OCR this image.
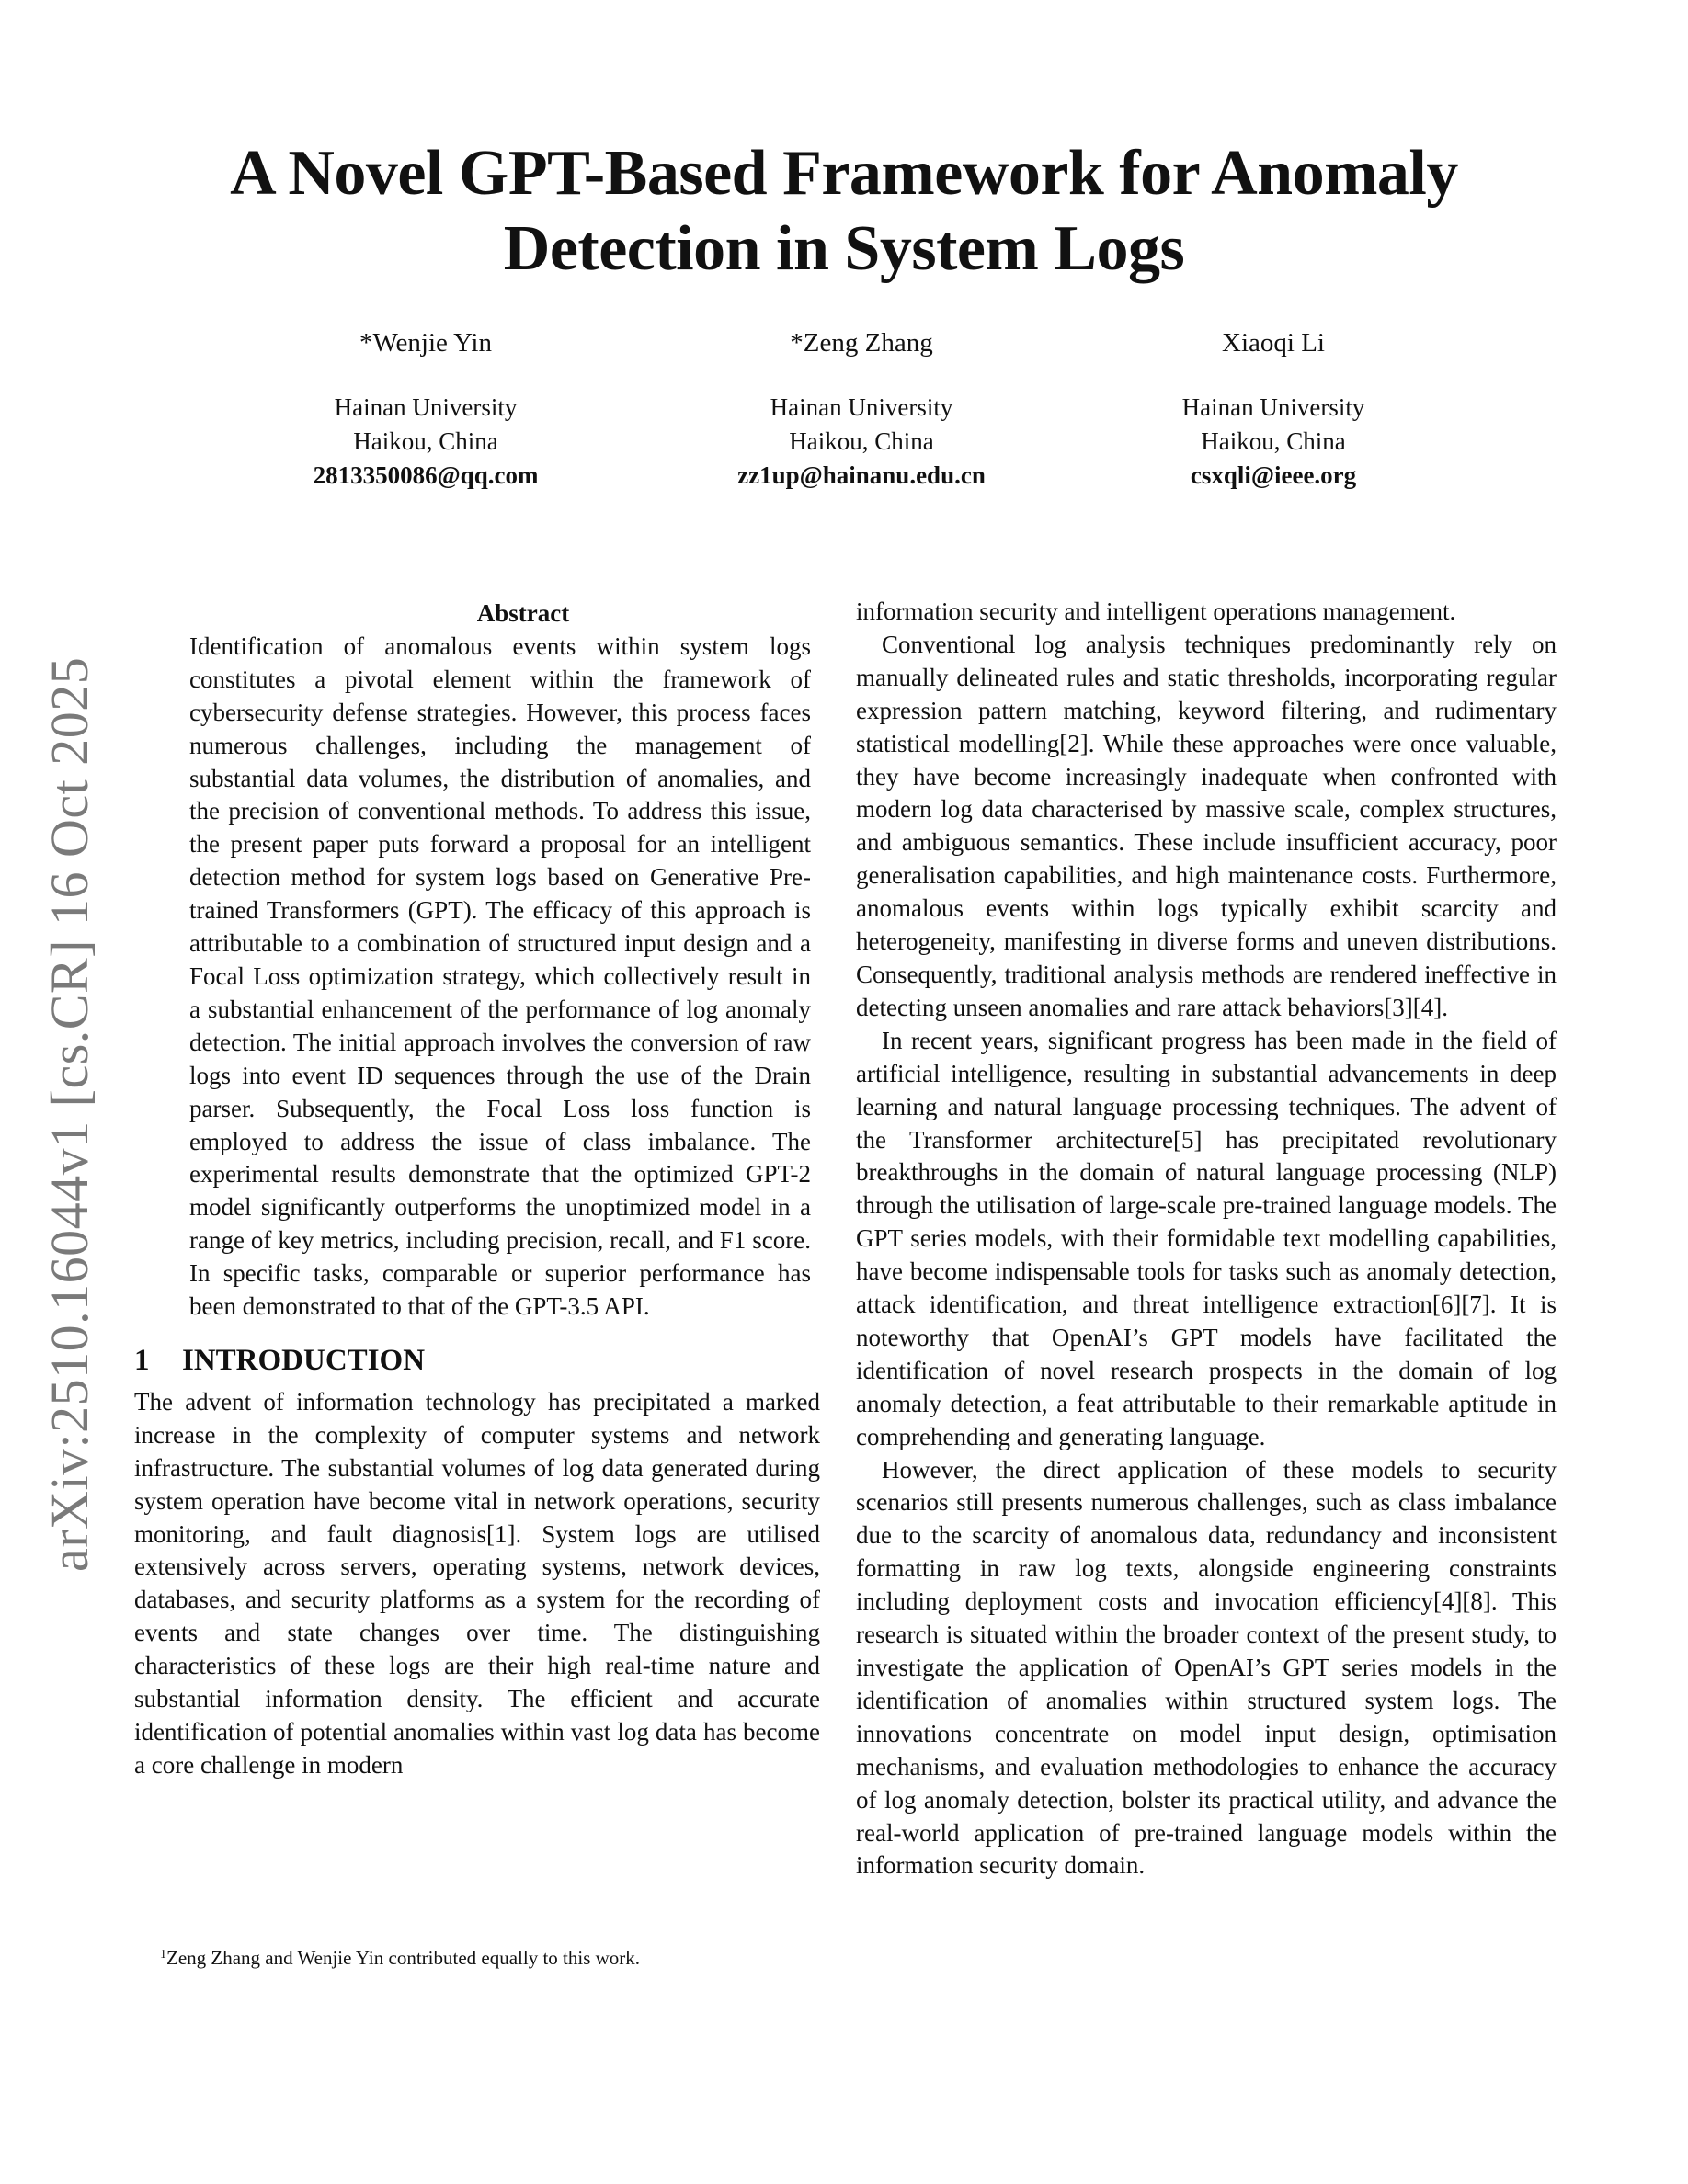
A Novel GPT-Based Framework for Anomaly
Detection in System Logs
*Wenjie Yin
Hainan University
Haikou, China
2813350086@qq.com
*Zeng Zhang
Hainan University
Haikou, China
zz1up@hainanu.edu.cn
Xiaoqi Li
Hainan University
Haikou, China
csxqli@ieee.org
arXiv:2510.16044v1 [cs.CR] 16 Oct 2025
Abstract

Identification of anomalous events within system logs constitutes a pivotal element within the framework of cybersecurity defense strategies. However, this process faces numerous challenges, including the management of substantial data volumes, the distribution of anomalies, and the precision of conventional methods. To address this issue, the present paper puts forward a proposal for an intelligent detection method for system logs based on Generative Pre-trained Transformers (GPT). The efficacy of this approach is attributable to a combination of structured input design and a Focal Loss optimization strategy, which collectively result in a substantial enhancement of the performance of log anomaly detection. The initial approach involves the conversion of raw logs into event ID sequences through the use of the Drain parser. Subsequently, the Focal Loss loss function is employed to address the issue of class imbalance. The experimental results demonstrate that the optimized GPT-2 model significantly outperforms the unoptimized model in a range of key metrics, including precision, recall, and F1 score. In specific tasks, comparable or superior performance has been demonstrated to that of the GPT-3.5 API.

1 INTRODUCTION

The advent of information technology has precipitated a marked increase in the complexity of computer systems and network infrastructure. The substantial volumes of log data generated during system operation have become vital in network operations, security monitoring, and fault diagnosis[1]. System logs are utilised extensively across servers, operating systems, network devices, databases, and security platforms as a system for the recording of events and state changes over time. The distinguishing characteristics of these logs are their high real-time nature and substantial information density. The efficient and accurate identification of potential anomalies within vast log data has become a core challenge in modern

information security and intelligent operations management.

Conventional log analysis techniques predominantly rely on manually delineated rules and static thresholds, incorporating regular expression pattern matching, keyword filtering, and rudimentary statistical modelling[2]. While these approaches were once valuable, they have become increasingly inadequate when confronted with modern log data characterised by massive scale, complex structures, and ambiguous semantics. These include insufficient accuracy, poor generalisation capabilities, and high maintenance costs. Furthermore, anomalous events within logs typically exhibit scarcity and heterogeneity, manifesting in diverse forms and uneven distributions. Consequently, traditional analysis methods are rendered ineffective in detecting unseen anomalies and rare attack behaviors[3][4].

In recent years, significant progress has been made in the field of artificial intelligence, resulting in substantial advancements in deep learning and natural language processing techniques. The advent of the Transformer architecture[5] has precipitated revolutionary breakthroughs in the domain of natural language processing (NLP) through the utilisation of large-scale pre-trained language models. The GPT series models, with their formidable text modelling capabilities, have become indispensable tools for tasks such as anomaly detection, attack identification, and threat intelligence extraction[6][7]. It is noteworthy that OpenAI’s GPT models have facilitated the identification of novel research prospects in the domain of log anomaly detection, a feat attributable to their remarkable aptitude in comprehending and generating language.

However, the direct application of these models to security scenarios still presents numerous challenges, such as class imbalance due to the scarcity of anomalous data, redundancy and inconsistent formatting in raw log texts, alongside engineering constraints including deployment costs and invocation efficiency[4][8]. This research is situated within the broader context of the present study, to investigate the application of OpenAI’s GPT series models in the identification of anomalies within structured system logs. The innovations concentrate on model input design, optimisation mechanisms, and evaluation methodologies to enhance the accuracy of log anomaly detection, bolster its practical utility, and advance the real-world application of pre-trained language models within the information security domain.

$^1$Zeng Zhang and Wenjie Yin contributed equally to this work.
